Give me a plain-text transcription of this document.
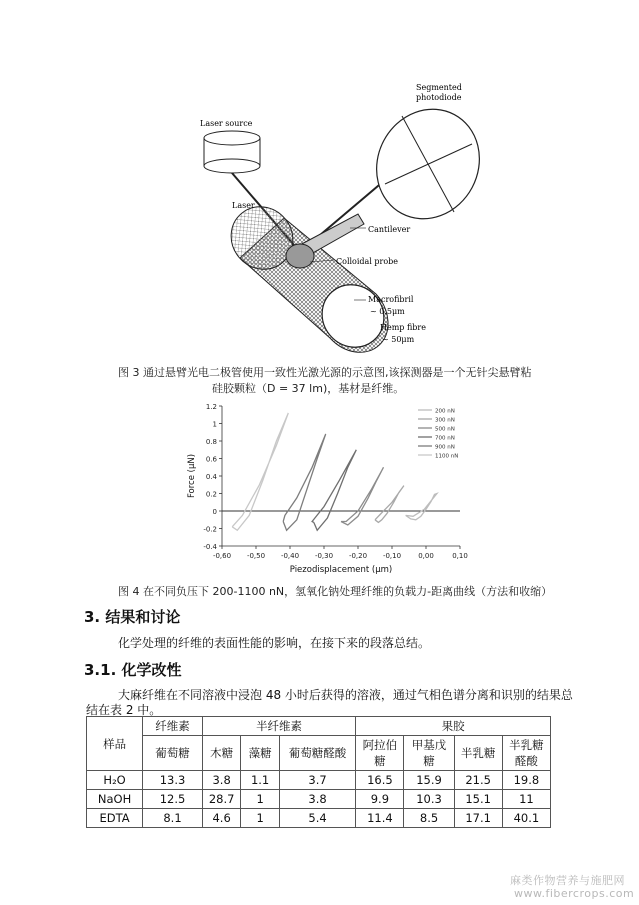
Laser source
Laser
Segmented
photodiode
Cantilever
Colloidal probe
Macrofibril
~ 0.5μm
Hemp fibre
~ 50μm
图 3 通过悬臂光电二极管使用一致性光激光源的示意图,该探测器是一个无针尖悬臂粘
硅胶颗粒（D = 37 lm)，基材是纤维。
1.2
1
0.8
0.6
0.4
0.2
0
-0.2
-0.4
-0,60 -0,50 -0,40 -0,30 -0,20 -0,10 0,00	0,10
Piezodisplacement (μm)
Force (μN)
200 nN
300 nN
500 nN
700 nN
900 nN
1100 nN
图 4 在不同负压下 200-1100 nN，氢氧化钠处理纤维的负载力-距离曲线（方法和收缩）
3. 结果和讨论
化学处理的纤维的表面性能的影响，在接下来的段落总结。
3.1. 化学改性
大麻纤维在不同溶液中浸泡 48 小时后获得的溶液，通过气相色谱分离和识别的结果总
结在表 2 中。
样品	纤维素	半纤维素			果胶			
	葡萄糖	木糖	藻糖	葡萄糖醛酸	阿拉伯糖	甲基戊糖	半乳糖	半乳糖醛酸
H₂O	13.3	3.8	1.1	3.7	16.5	15.9	21.5	19.8
NaOH	12.5	28.7	1	3.8	9.9	10.3	15.1	11
EDTA	8.1	4.6	1	5.4	11.4	8.5	17.1	40.1
麻类作物营养与施肥网
www.fibercrops.com
